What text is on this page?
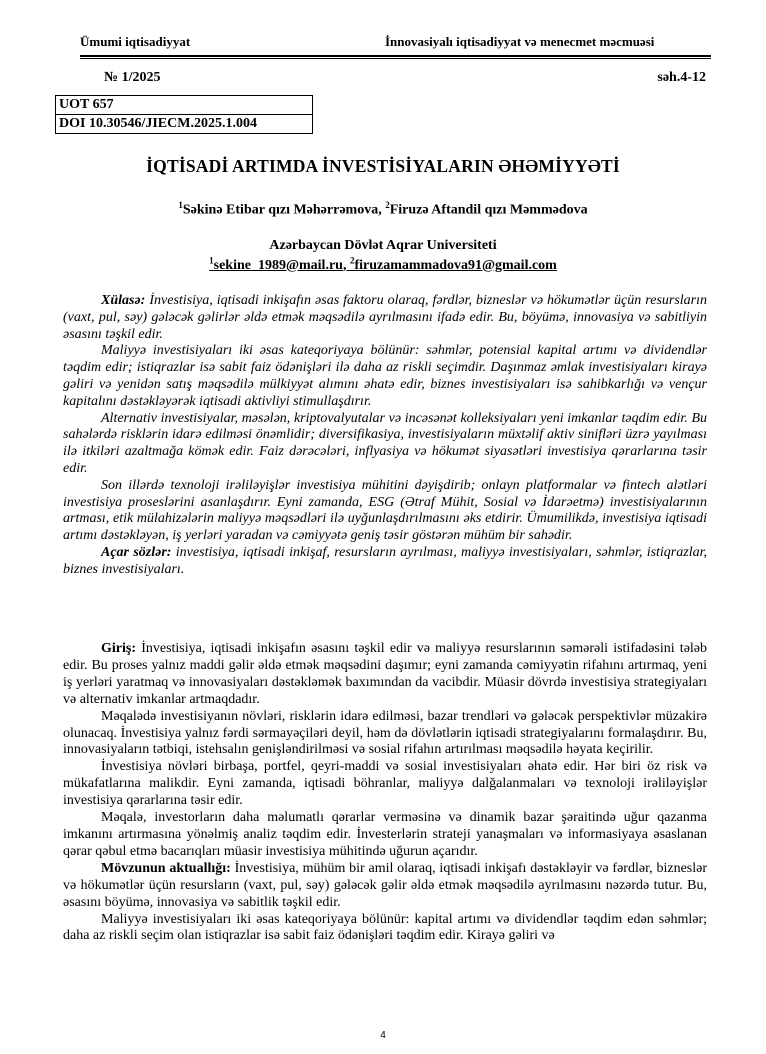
Ümumi iqtisadiyyat	İnnovasiyalı iqtisadiyyat və menecmet məcmuəsi
№ 1/2025	səh.4-12
UOT 657
DOI 10.30546/JIECM.2025.1.004
İQTİSADİ ARTIMDA İNVESTİSİYALARIN ƏHƏMİYYƏTİ
$^1$Səkinə Etibar qızı Məhərrəmova, $^2$Firuzə Aftandil qızı Məmmədova
Azərbaycan Dövlət Aqrar Universiteti
$^1$sekine_1989@mail.ru, $^2$firuzamammadova91@gmail.com

Xülasə: İnvestisiya, iqtisadi inkişafın əsas faktoru olaraq, fərdlər, bizneslər və hökumətlər üçün resursların (vaxt, pul, səy) gələcək gəlirlər əldə etmək məqsədilə ayrılmasını ifadə edir. Bu, böyümə, innovasiya və sabitliyin əsasını təşkil edir.

Maliyyə investisiyaları iki əsas kateqoriyaya bölünür: səhmlər, potensial kapital artımı və dividendlər təqdim edir; istiqrazlar isə sabit faiz ödənişləri ilə daha az riskli seçimdir. Daşınmaz əmlak investisiyaları kirayə gəliri və yenidən satış məqsədilə mülkiyyət alımını əhatə edir, biznes investisiyaları isə sahibkarlığı və vençur kapitalını dəstəkləyərək iqtisadi aktivliyi stimullaşdırır.

Alternativ investisiyalar, məsələn, kriptovalyutalar və incəsənət kolleksiyaları yeni imkanlar təqdim edir. Bu sahələrdə risklərin idarə edilməsi önəmlidir; diversifikasiya, investisiyaların müxtəlif aktiv sinifləri üzrə yayılması ilə itkiləri azaltmağa kömək edir. Faiz dərəcələri, inflyasiya və hökumət siyasətləri investisiya qərarlarına təsir edir.

Son illərdə texnoloji irəliləyişlər investisiya mühitini dəyişdirib; onlayn platformalar və fintech alətləri investisiya proseslərini asanlaşdırır. Eyni zamanda, ESG (Ətraf Mühit, Sosial və İdarəetmə) investisiyalarının artması, etik mülahizələrin maliyyə məqsədləri ilə uyğunlaşdırılmasını əks etdirir. Ümumilikdə, investisiya iqtisadi artımı dəstəkləyən, iş yerləri yaradan və cəmiyyətə geniş təsir göstərən mühüm bir sahədir.

Açar sözlər: investisiya, iqtisadi inkişaf, resursların ayrılması, maliyyə investisiyaları, səhmlər, istiqrazlar, biznes investisiyaları.

Giriş: İnvestisiya, iqtisadi inkişafın əsasını təşkil edir və maliyyə resurslarının səmərəli istifadəsini tələb edir. Bu proses yalnız maddi gəlir əldə etmək məqsədini daşımır; eyni zamanda cəmiyyətin rifahını artırmaq, yeni iş yerləri yaratmaq və innovasiyaları dəstəkləmək baxımından da vacibdir. Müasir dövrdə investisiya strategiyaları və alternativ imkanlar artmaqdadır.

Məqalədə investisiyanın növləri, risklərin idarə edilməsi, bazar trendləri və gələcək perspektivlər müzakirə olunacaq. İnvestisiya yalnız fərdi sərmayəçiləri deyil, həm də dövlətlərin iqtisadi strategiyalarını formalaşdırır. Bu, innovasiyaların tətbiqi, istehsalın genişləndirilməsi və sosial rifahın artırılması məqsədilə həyata keçirilir.

İnvestisiya növləri birbaşa, portfel, qeyri-maddi və sosial investisiyaları əhatə edir. Hər biri öz risk və mükafatlarına malikdir. Eyni zamanda, iqtisadi böhranlar, maliyyə dalğalanmaları və texnoloji irəliləyişlər investisiya qərarlarına təsir edir.

Məqalə, investorların daha məlumatlı qərarlar verməsinə və dinamik bazar şəraitində uğur qazanma imkanını artırmasına yönəlmiş analiz təqdim edir. İnvesterlərin strateji yanaşmaları və informasiyaya əsaslanan qərar qəbul etmə bacarıqları müasir investisiya mühitində uğurun açarıdır.

Mövzunun aktuallığı: İnvestisiya, mühüm bir amil olaraq, iqtisadi inkişafı dəstəkləyir və fərdlər, bizneslər və hökumətlər üçün resursların (vaxt, pul, səy) gələcək gəlir əldə etmək məqsədilə ayrılmasını nəzərdə tutur. Bu, əsasını böyümə, innovasiya və sabitlik təşkil edir.

Maliyyə investisiyaları iki əsas kateqoriyaya bölünür: kapital artımı və dividendlər təqdim edən səhmlər; daha az riskli seçim olan istiqrazlar isə sabit faiz ödənişləri təqdim edir. Kirayə gəliri və

4
